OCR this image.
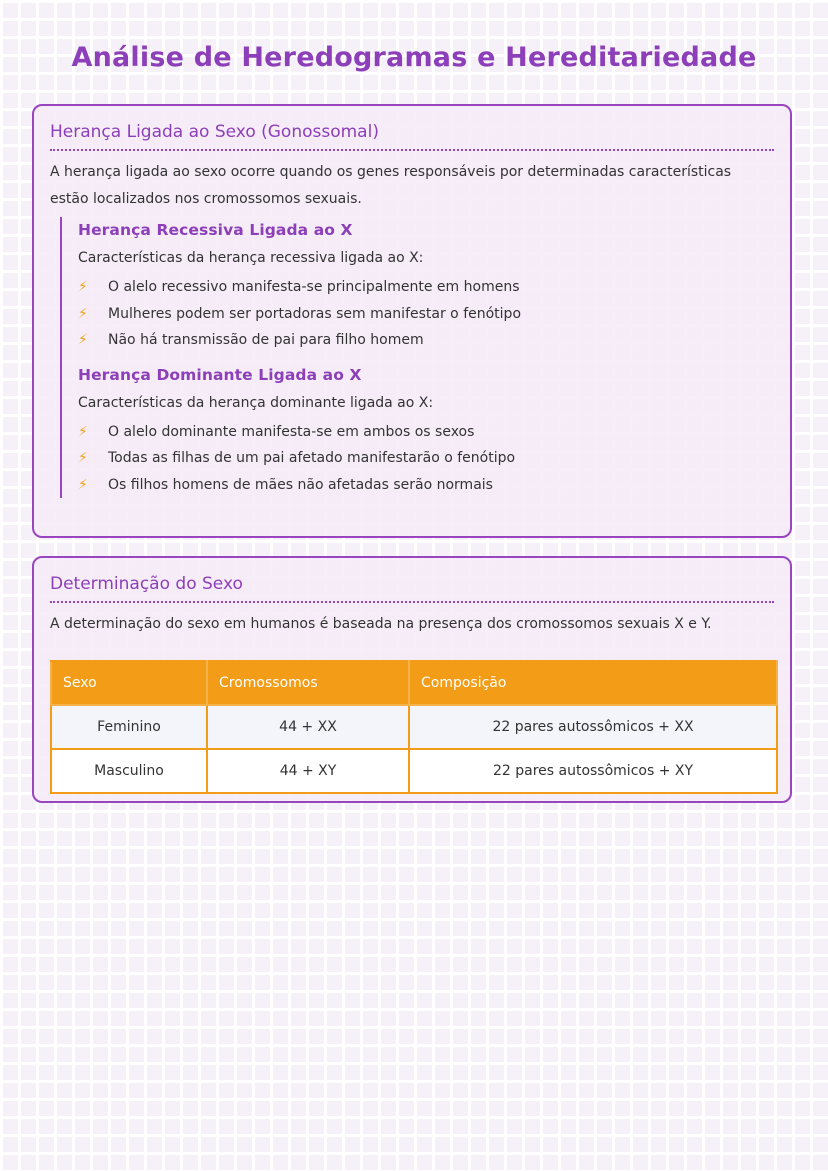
Análise de Heredogramas e Hereditariedade
Herança Ligada ao Sexo (Gonossomal)

A herança ligada ao sexo ocorre quando os genes responsáveis por determinadas características estão localizados nos cromossomos sexuais.

Herança Recessiva Ligada ao X

Características da herança recessiva ligada ao X:

⚡	O alelo recessivo manifesta-se principalmente em homens
⚡	Mulheres podem ser portadoras sem manifestar o fenótipo
⚡	Não há transmissão de pai para filho homem
Herança Dominante Ligada ao X

Características da herança dominante ligada ao X:

⚡	O alelo dominante manifesta-se em ambos os sexos
⚡	Todas as filhas de um pai afetado manifestarão o fenótipo
⚡	Os filhos homens de mães não afetadas serão normais
Determinação do Sexo

A determinação do sexo em humanos é baseada na presença dos cromossomos sexuais X e Y.

Sexo	Cromossomos	Composição
Feminino	44 + XX	22 pares autossômicos + XX
Masculino	44 + XY	22 pares autossômicos + XY
